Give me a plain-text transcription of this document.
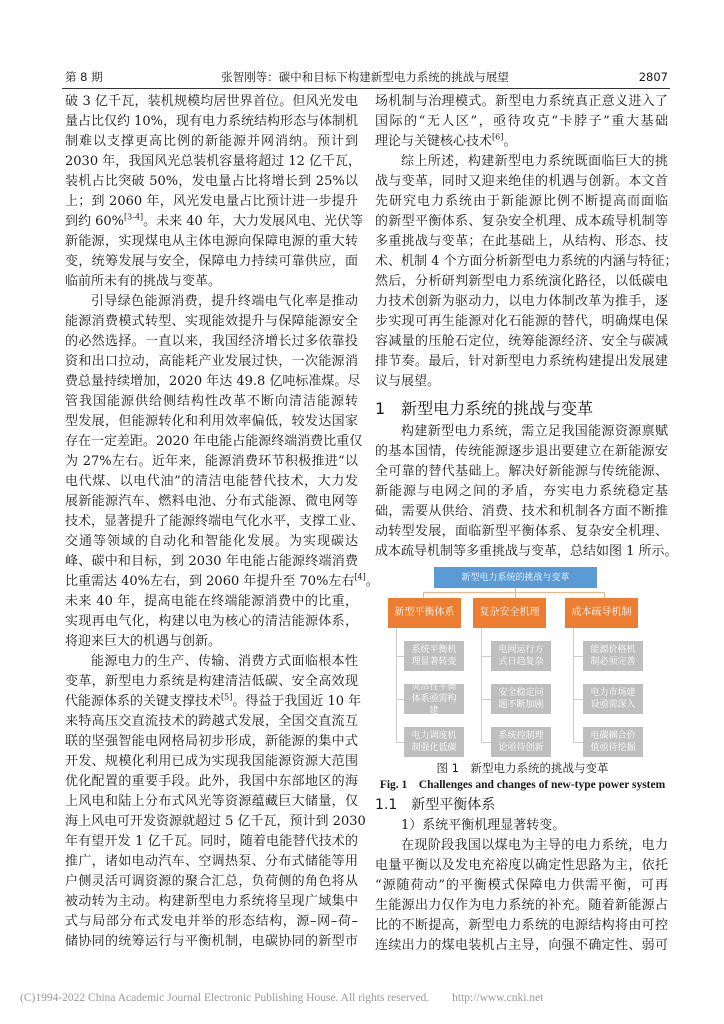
第 8 期	张智刚等：碳中和目标下构建新型电力系统的挑战与展望	2807
破 3 亿千瓦，装机规模均居世界首位。但风光发电
量占比仅约 10%，现有电力系统结构形态与体制机
制难以支撑更高比例的新能源并网消纳。预计到
2030 年，我国风光总装机容量将超过 12 亿千瓦，
装机占比突破 50%，发电量占比将增长到 25%以
上；到 2060 年，风光发电量占比预计进一步提升
到约 60%[3-4]。未来 40 年，大力发展风电、光伏等
新能源，实现煤电从主体电源向保障电源的重大转
变，统筹发展与安全，保障电力持续可靠供应，面
临前所未有的挑战与变革。
引导绿色能源消费，提升终端电气化率是推动
能源消费模式转型、实现能效提升与保障能源安全
的必然选择。一直以来，我国经济增长过多依靠投
资和出口拉动，高能耗产业发展过快，一次能源消
费总量持续增加，2020 年达 49.8 亿吨标准煤。尽
管我国能源供给侧结构性改革不断向清洁能源转
型发展，但能源转化和利用效率偏低，较发达国家
存在一定差距。2020 年电能占能源终端消费比重仅
为 27%左右。近年来，能源消费环节积极推进“以
电代煤、以电代油”的清洁电能替代技术，大力发
展新能源汽车、燃料电池、分布式能源、微电网等
技术，显著提升了能源终端电气化水平，支撑工业、
交通等领域的自动化和智能化发展。为实现碳达
峰、碳中和目标，到 2030 年电能占能源终端消费
比重需达 40%左右，到 2060 年提升至 70%左右[4]。
未来 40 年，提高电能在终端能源消费中的比重，
实现再电气化，构建以电为核心的清洁能源体系，
将迎来巨大的机遇与创新。
能源电力的生产、传输、消费方式面临根本性
变革，新型电力系统是构建清洁低碳、安全高效现
代能源体系的关键支撑技术[5]。得益于我国近 10 年
来特高压交直流技术的跨越式发展，全国交直流互
联的坚强智能电网格局初步形成，新能源的集中式
开发、规模化利用已成为实现我国能源资源大范围
优化配置的重要手段。此外，我国中东部地区的海
上风电和陆上分布式风光等资源蕴藏巨大储量，仅
海上风电可开发资源就超过 5 亿千瓦，预计到 2030
年有望开发 1 亿千瓦。同时，随着电能替代技术的
推广，诸如电动汽车、空调热泵、分布式储能等用
户侧灵活可调资源的聚合汇总，负荷侧的角色将从
被动转为主动。构建新型电力系统将呈现广域集中
式与局部分布式发电并举的形态结构，源–网–荷–
储协同的统筹运行与平衡机制，电碳协同的新型市
场机制与治理模式。新型电力系统真正意义进入了
国际的“无人区”，亟待攻克“卡脖子”重大基础
理论与关键核心技术[6]。
综上所述，构建新型电力系统既面临巨大的挑
战与变革，同时又迎来绝佳的机遇与创新。本文首
先研究电力系统由于新能源比例不断提高而面临
的新型平衡体系、复杂安全机理、成本疏导机制等
多重挑战与变革；在此基础上，从结构、形态、技
术、机制 4 个方面分析新型电力系统的内涵与特征；
然后，分析研判新型电力系统演化路径，以低碳电
力技术创新为驱动力，以电力体制改革为推手，逐
步实现可再生能源对化石能源的替代，明确煤电保
容减量的压舱石定位，统筹能源经济、安全与碳减
排节奏。最后，针对新型电力系统构建提出发展建
议与展望。
1　新型电力系统的挑战与变革
构建新型电力系统，需立足我国能源资源禀赋
的基本国情，传统能源逐步退出要建立在新能源安
全可靠的替代基础上。解决好新能源与传统能源、
新能源与电网之间的矛盾，夯实电力系统稳定基
础，需要从供给、消费、技术和机制各方面不断推
动转型发展，面临新型平衡体系、复杂安全机理、
成本疏导机制等多重挑战与变革，总结如图 1 所示。
新型电力系统的挑战与变革
新型平衡体系
系统平衡机理显著转变
灵活性平衡体系亟需构建
电力调度机制强化低碳
复杂安全机理
电网运行方式日趋复杂
安全稳定问题不断加剧
系统控制理论亟待创新
成本疏导机制
能源价格机制必须完善
电力市场建设亟需深入
电碳耦合价值亟待挖掘
图 1　新型电力系统的挑战与变革
Fig. 1　Challenges and changes of new-type power system
1.1　新型平衡体系
1）系统平衡机理显著转变。
在现阶段我国以煤电为主导的电力系统，电力
电量平衡以及发电充裕度以确定性思路为主，依托
“源随荷动”的平衡模式保障电力供需平衡，可再
生能源出力仅作为电力系统的补充。随着新能源占
比的不断提高，新型电力系统的电源结构将由可控
连续出力的煤电装机占主导，向强不确定性、弱可
(C)1994-2022 China Academic Journal Electronic Publishing House. All rights reserved.　　http://www.cnki.net
